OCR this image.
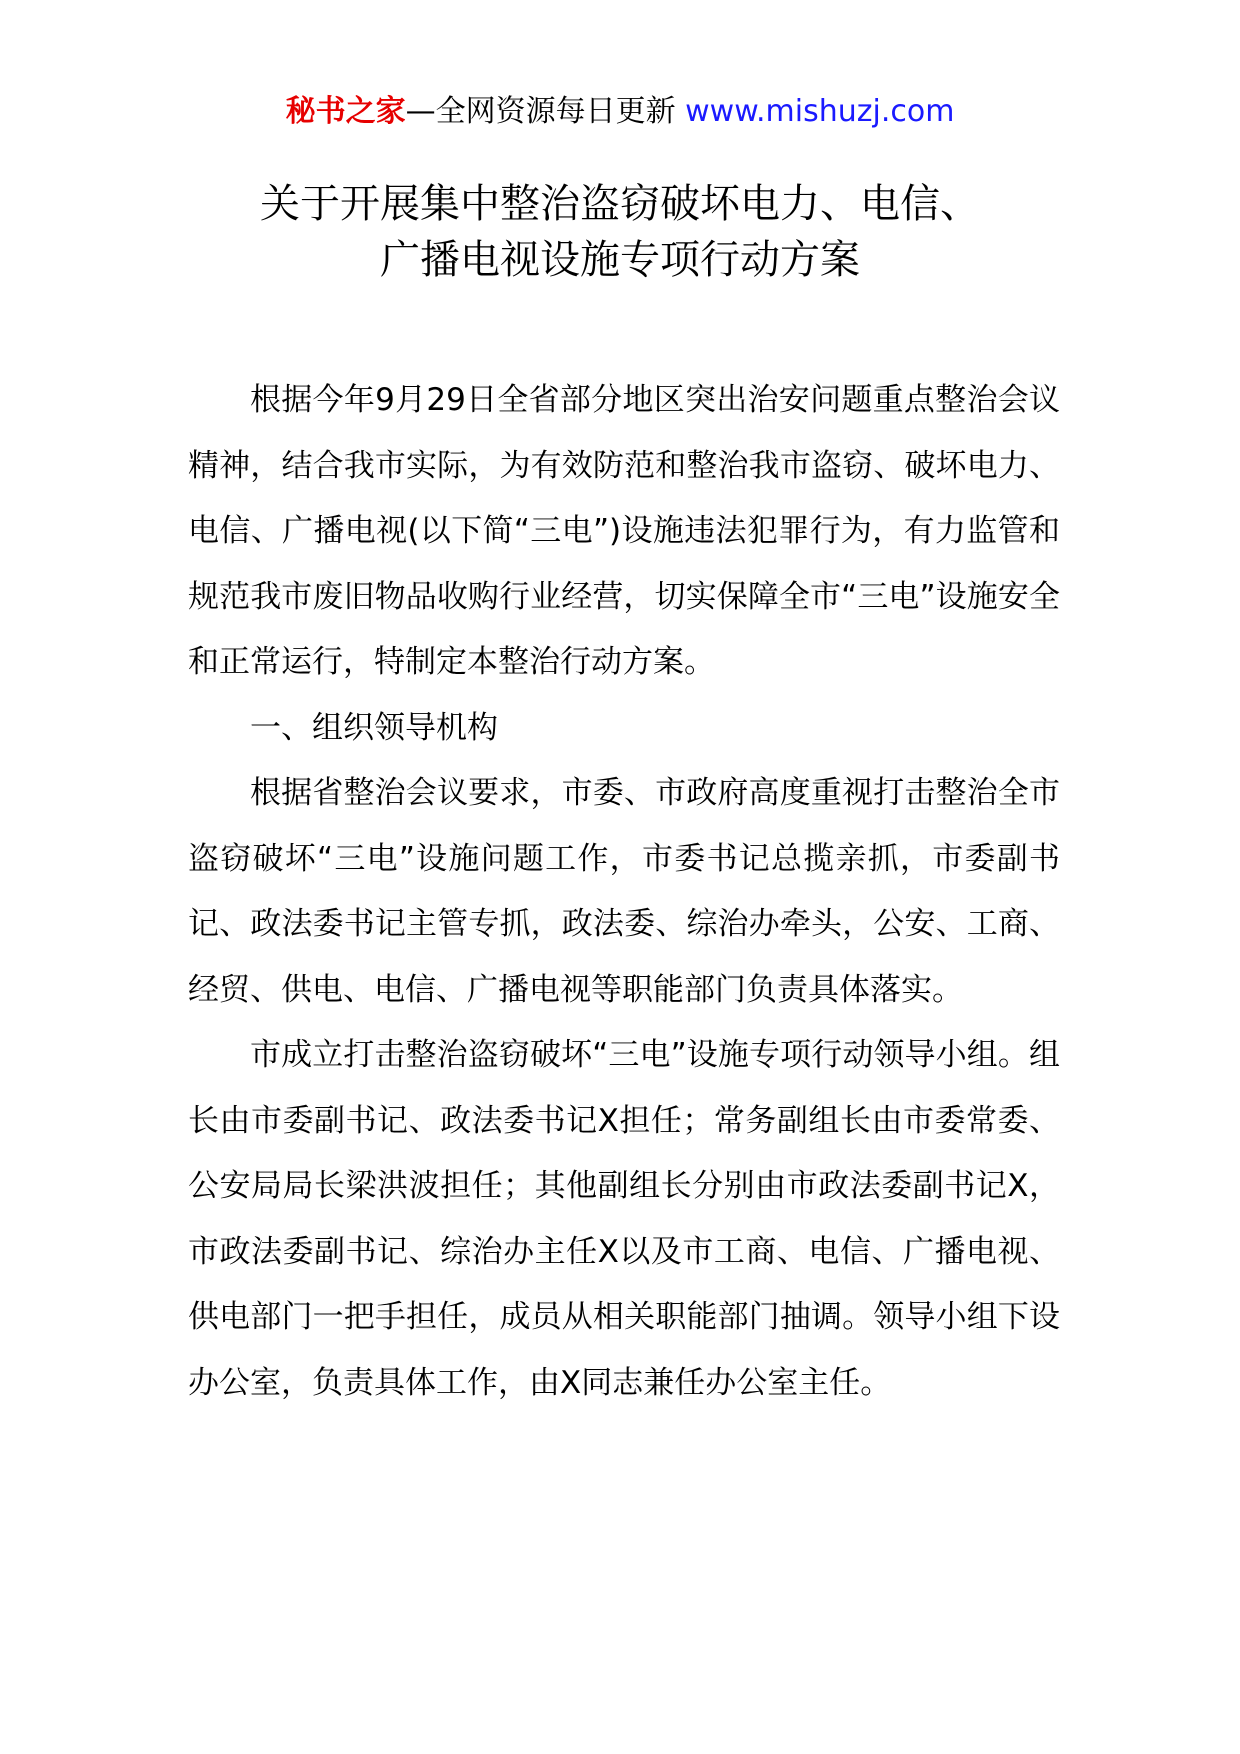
秘书之家—全网资源每日更新 www.mishuzj.com
关于开展集中整治盗窃破坏电力、电信、
广播电视设施专项行动方案

根据今年9月29日全省部分地区突出治安问题重点整治会议精神，结合我市实际，为有效防范和整治我市盗窃、破坏电力、电信、广播电视(以下简“三电”)设施违法犯罪行为，有力监管和规范我市废旧物品收购行业经营，切实保障全市“三电”设施安全和正常运行，特制定本整治行动方案。

一、组织领导机构

根据省整治会议要求，市委、市政府高度重视打击整治全市盗窃破坏“三电”设施问题工作，市委书记总揽亲抓，市委副书记、政法委书记主管专抓，政法委、综治办牵头，公安、工商、经贸、供电、电信、广播电视等职能部门负责具体落实。

市成立打击整治盗窃破坏“三电”设施专项行动领导小组。组长由市委副书记、政法委书记X担任；常务副组长由市委常委、公安局局长梁洪波担任；其他副组长分别由市政法委副书记X，市政法委副书记、综治办主任X以及市工商、电信、广播电视、供电部门一把手担任，成员从相关职能部门抽调。领导小组下设办公室，负责具体工作，由X同志兼任办公室主任。
